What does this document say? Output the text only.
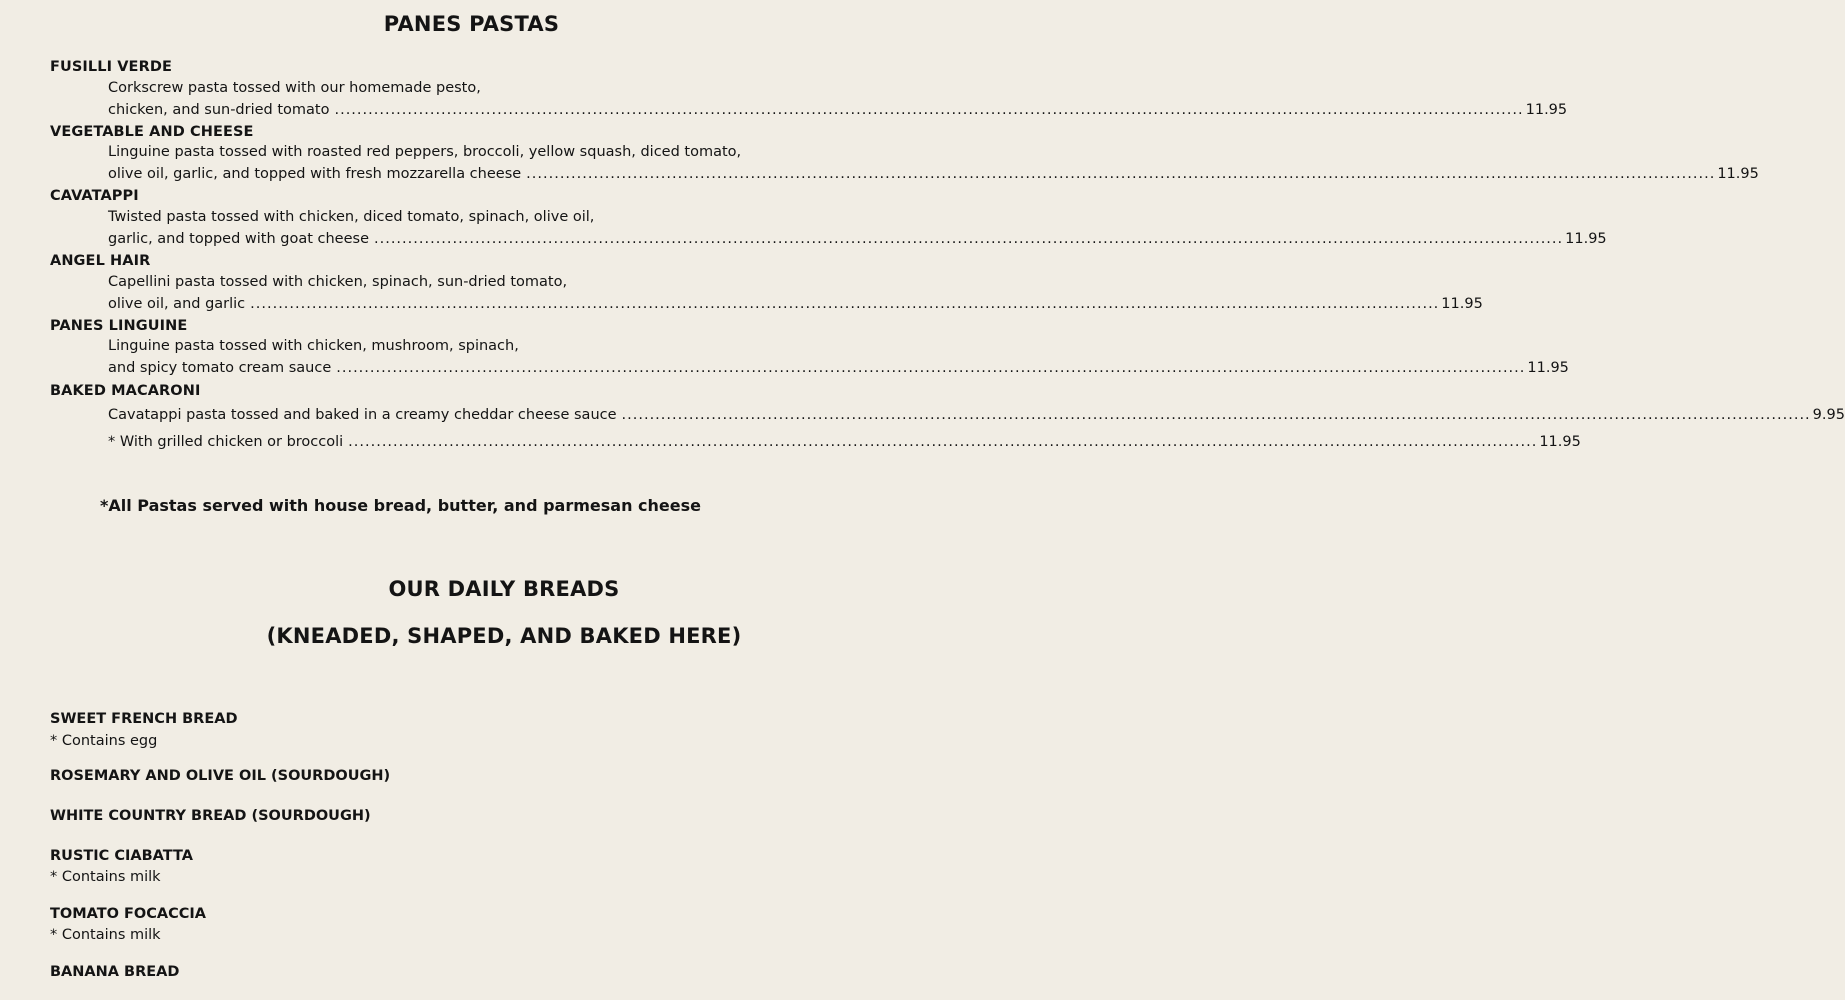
PANES PASTAS
FUSILLI VERDE
Corkscrew pasta tossed with our homemade pesto,
chicken, and sun-dried tomato .................................................................................................................................................................................................................... 11.95
VEGETABLE AND CHEESE
Linguine pasta tossed with roasted red peppers, broccoli, yellow squash, diced tomato,
olive oil, garlic, and topped with fresh mozzarella cheese .................................................................................................................................................................................................................... 11.95
CAVATAPPI
Twisted pasta tossed with chicken, diced tomato, spinach, olive oil,
garlic, and topped with goat cheese .................................................................................................................................................................................................................... 11.95
ANGEL HAIR
Capellini pasta tossed with chicken, spinach, sun-dried tomato,
olive oil, and garlic .................................................................................................................................................................................................................... 11.95
PANES LINGUINE
Linguine pasta tossed with chicken, mushroom, spinach,
and spicy tomato cream sauce .................................................................................................................................................................................................................... 11.95
BAKED MACARONI
Cavatappi pasta tossed and baked in a creamy cheddar cheese sauce .................................................................................................................................................................................................................... 9.95
* With grilled chicken or broccoli .................................................................................................................................................................................................................... 11.95
*All Pastas served with house bread, butter, and parmesan cheese
OUR DAILY BREADS
(KNEADED, SHAPED, AND BAKED HERE)
SWEET FRENCH BREAD
* Contains egg
ROSEMARY AND OLIVE OIL (SOURDOUGH)
WHITE COUNTRY BREAD (SOURDOUGH)
RUSTIC CIABATTA
* Contains milk
TOMATO FOCACCIA
* Contains milk
BANANA BREAD
